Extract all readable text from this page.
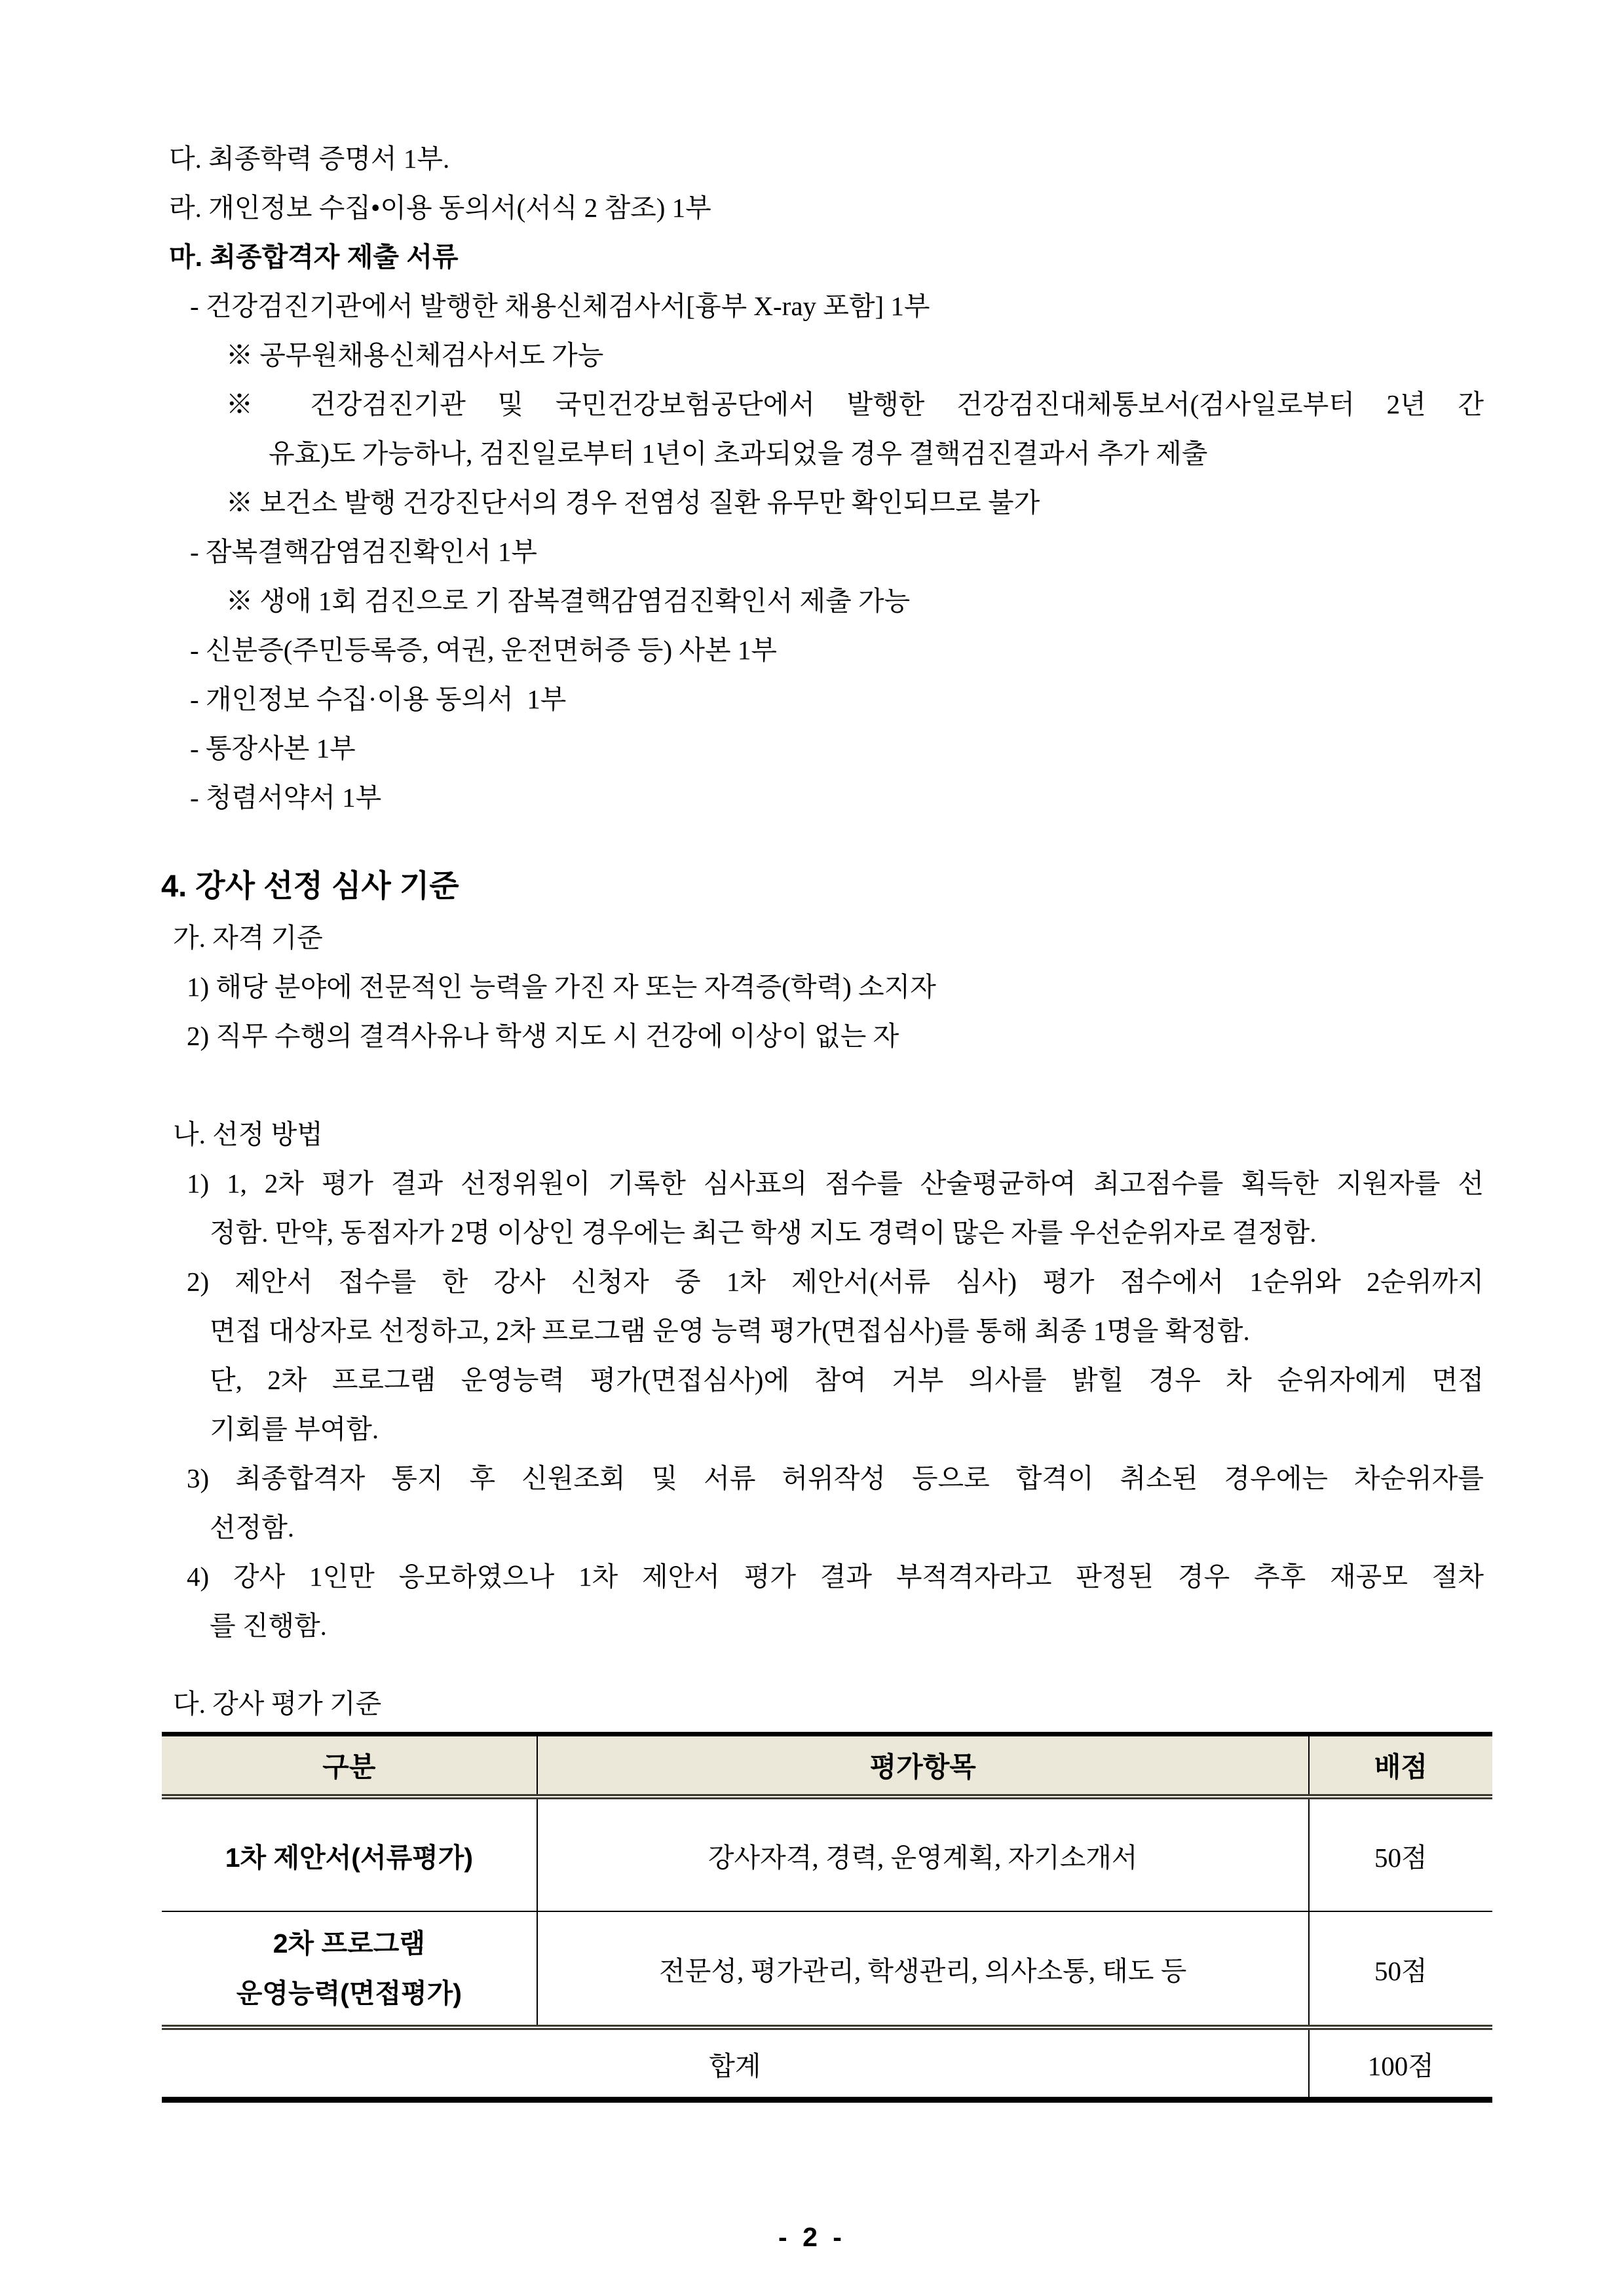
다. 최종학력 증명서 1부.
라. 개인정보 수집•이용 동의서(서식 2 참조) 1부
마. 최종합격자 제출 서류
- 건강검진기관에서 발행한 채용신체검사서[흉부 X-ray 포함] 1부
※ 공무원채용신체검사서도 가능
※ 건강검진기관 및 국민건강보험공단에서 발행한 건강검진대체통보서(검사일로부터 2년 간
유효)도 가능하나, 검진일로부터 1년이 초과되었을 경우 결핵검진결과서 추가 제출
※ 보건소 발행 건강진단서의 경우 전염성 질환 유무만 확인되므로 불가
- 잠복결핵감염검진확인서 1부
※ 생애 1회 검진으로 기 잠복결핵감염검진확인서 제출 가능
- 신분증(주민등록증, 여권, 운전면허증 등) 사본 1부
- 개인정보 수집·이용 동의서  1부
- 통장사본 1부
- 청렴서약서 1부
4. 강사 선정 심사 기준
가. 자격 기준
1) 해당 분야에 전문적인 능력을 가진 자 또는 자격증(학력) 소지자
2) 직무 수행의 결격사유나 학생 지도 시 건강에 이상이 없는 자
나. 선정 방법
1) 1, 2차 평가 결과 선정위원이 기록한 심사표의 점수를 산술평균하여 최고점수를 획득한 지원자를 선
정함. 만약, 동점자가 2명 이상인 경우에는 최근 학생 지도 경력이 많은 자를 우선순위자로 결정함.
2) 제안서 접수를 한 강사 신청자 중 1차 제안서(서류 심사) 평가 점수에서 1순위와 2순위까지
면접 대상자로 선정하고, 2차 프로그램 운영 능력 평가(면접심사)를 통해 최종 1명을 확정함.
단, 2차 프로그램 운영능력 평가(면접심사)에 참여 거부 의사를 밝힐 경우 차 순위자에게 면접
기회를 부여함.
3) 최종합격자 통지 후 신원조회 및 서류 허위작성 등으로 합격이 취소된 경우에는 차순위자를
선정함.
4) 강사 1인만 응모하였으나 1차 제안서 평가 결과 부적격자라고 판정된 경우 추후 재공모 절차
를 진행함.
다. 강사 평가 기준
구분	평가항목	배점
1차 제안서(서류평가)	강사자격, 경력, 운영계획, 자기소개서	50점

2차 프로그램
운영능력(면접평가)	전문성, 평가관리, 학생관리, 의사소통, 태도 등	50점
합계		100점
- 2 -
